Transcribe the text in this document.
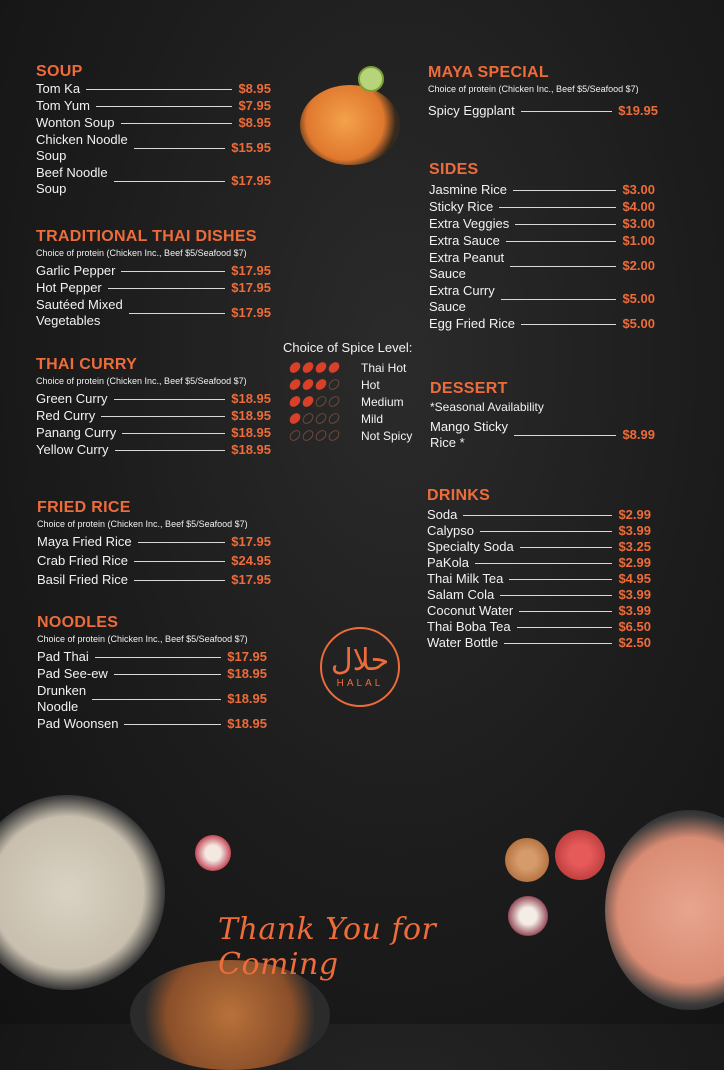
SOUP
Tom Ka	$8.95
Tom Yum	$7.95
Wonton Soup	$8.95
Chicken Noodle
Soup
$15.95
Beef Noodle
Soup
$17.95
TRADITIONAL THAI DISHES

Choice of protein (Chicken Inc., Beef $5/Seafood $7)

Garlic Pepper	$17.95
Hot Pepper	$17.95
Sautéed Mixed
Vegetables
$17.95
THAI CURRY

Choice of protein (Chicken Inc., Beef $5/Seafood $7)

Green Curry	$18.95
Red Curry	$18.95
Panang Curry	$18.95
Yellow Curry	$18.95
FRIED RICE

Choice of protein (Chicken Inc., Beef $5/Seafood $7)

Maya Fried Rice	$17.95
Crab Fried Rice	$24.95
Basil Fried Rice	$17.95
NOODLES

Choice of protein (Chicken Inc., Beef $5/Seafood $7)

Pad Thai	$17.95
Pad See-ew	$18.95
Drunken
Noodle
$18.95
Pad Woonsen	$18.95
MAYA SPECIAL

Choice of protein (Chicken Inc., Beef $5/Seafood $7)

Spicy Eggplant	$19.95
SIDES
Jasmine Rice	$3.00
Sticky Rice	$4.00
Extra Veggies	$3.00
Extra Sauce	$1.00
Extra Peanut
Sauce
$2.00
Extra Curry
Sauce
$5.00
Egg Fried Rice	$5.00
DESSERT

*Seasonal Availability

Mango Sticky
Rice *
$8.99
DRINKS
Soda	$2.99
Calypso	$3.99
Specialty Soda	$3.25
PaKola	$2.99
Thai Milk Tea	$4.95
Salam Cola	$3.99
Coconut Water	$3.99
Thai Boba Tea	$6.50
Water Bottle	$2.50

Choice of Spice Level:

Thai Hot
Hot
Medium
Mild
Not Spicy
حلال
HALAL
Thank You for Coming
